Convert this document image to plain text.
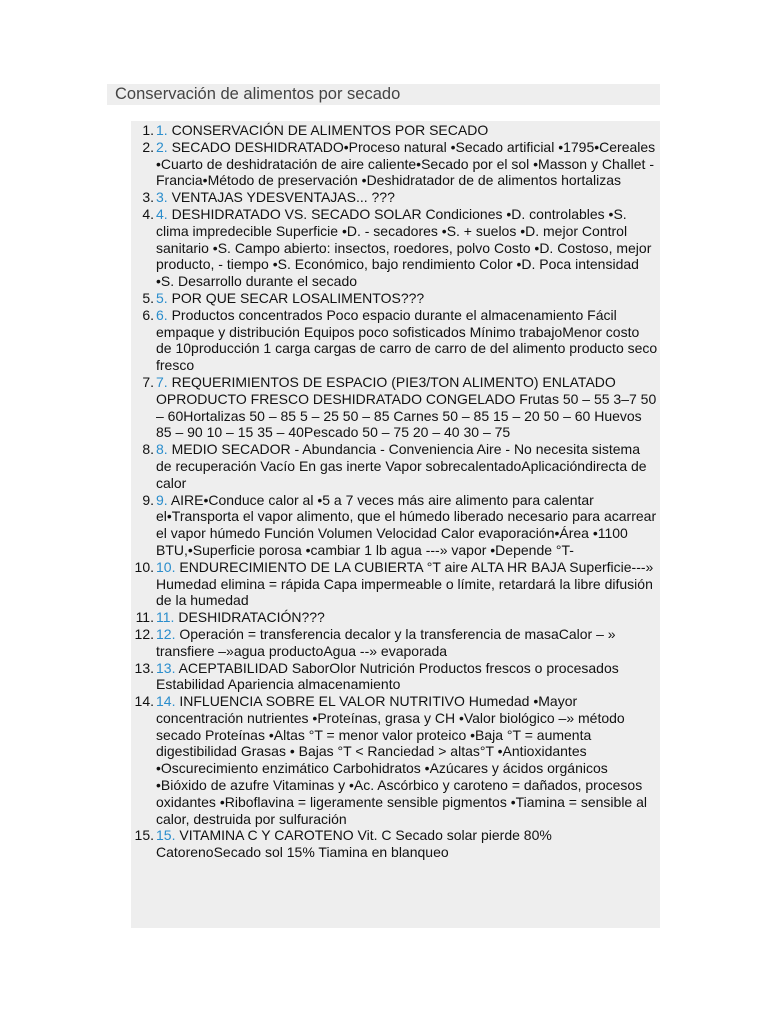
Conservación de alimentos por secado
1. 1. CONSERVACIÓN DE ALIMENTOS POR SECADO
2. 2. SECADO DESHIDRATADO•Proceso natural •Secado artificial •1795•Cereales •Cuarto de deshidratación de aire caliente•Secado por el sol •Masson y Challet - Francia•Método de preservación •Deshidratador de de alimentos hortalizas
3. 3. VENTAJAS YDESVENTAJAS... ???
4. 4. DESHIDRATADO VS. SECADO SOLAR Condiciones •D. controlables •S. clima impredecible Superficie •D. - secadores •S. + suelos •D. mejor Control sanitario •S. Campo abierto: insectos, roedores, polvo Costo •D. Costoso, mejor producto, - tiempo •S. Económico, bajo rendimiento Color •D. Poca intensidad •S. Desarrollo durante el secado
5. 5. POR QUE SECAR LOSALIMENTOS???
6. 6. Productos concentrados Poco espacio durante el almacenamiento Fácil empaque y distribución Equipos poco sofisticados Mínimo trabajoMenor costo de 10producción 1 carga cargas de carro de carro de del alimento producto seco fresco
7. 7. REQUERIMIENTOS DE ESPACIO (PIE3/TON ALIMENTO) ENLATADO OPRODUCTO FRESCO DESHIDRATADO CONGELADO Frutas 50 – 55 3–7 50 – 60Hortalizas 50 – 85 5 – 25 50 – 85 Carnes 50 – 85 15 – 20 50 – 60 Huevos 85 – 90 10 – 15 35 – 40Pescado 50 – 75 20 – 40 30 – 75
8. 8. MEDIO SECADOR - Abundancia - Conveniencia Aire - No necesita sistema de recuperación Vacío En gas inerte Vapor sobrecalentadoAplicacióndirecta de calor
9. 9. AIRE•Conduce calor al •5 a 7 veces más aire alimento para calentar el•Transporta el vapor alimento, que el húmedo liberado necesario para acarrear el vapor húmedo Función Volumen Velocidad Calor evaporación•Área •1100 BTU,•Superficie porosa •cambiar 1 lb agua ---» vapor •Depende °T-
10. 10. ENDURECIMIENTO DE LA CUBIERTA °T aire ALTA HR BAJA Superficie---» Humedad elimina = rápida Capa impermeable o límite, retardará la libre difusión de la humedad
11. 11. DESHIDRATACIÓN???
12. 12. Operación = transferencia decalor y la transferencia de masaCalor – » transfiere –»agua productoAgua --» evaporada
13. 13. ACEPTABILIDAD SaborOlor Nutrición Productos frescos o procesados Estabilidad Apariencia almacenamiento
14. 14. INFLUENCIA SOBRE EL VALOR NUTRITIVO Humedad •Mayor concentración nutrientes •Proteínas, grasa y CH •Valor biológico –» método secado Proteínas •Altas °T = menor valor proteico •Baja °T = aumenta digestibilidad Grasas • Bajas °T < Ranciedad > altas°T •Antioxidantes •Oscurecimiento enzimático Carbohidratos •Azúcares y ácidos orgánicos •Bióxido de azufre Vitaminas y •Ac. Ascórbico y caroteno = dañados, procesos oxidantes •Riboflavina = ligeramente sensible pigmentos •Tiamina = sensible al calor, destruida por sulfuración
15. 15. VITAMINA C Y CAROTENO Vit. C Secado solar pierde 80% CatorenoSecado sol 15% Tiamina en blanqueo
